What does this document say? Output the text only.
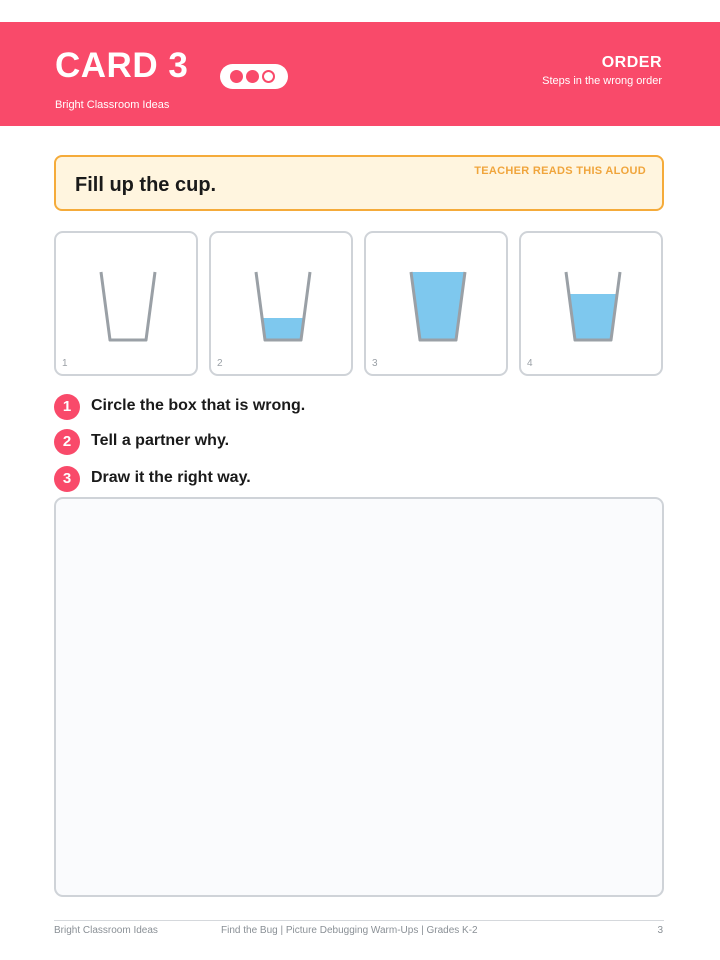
CARD 3
Bright Classroom Ideas
ORDER
Steps in the wrong order
Fill up the cup.
TEACHER READS THIS ALOUD
1	2	3	4
1	Circle the box that is wrong.
2	Tell a partner why.
3	Draw it the right way.
Bright Classroom Ideas	Find the Bug | Picture Debugging Warm-Ups | Grades K-2	3
